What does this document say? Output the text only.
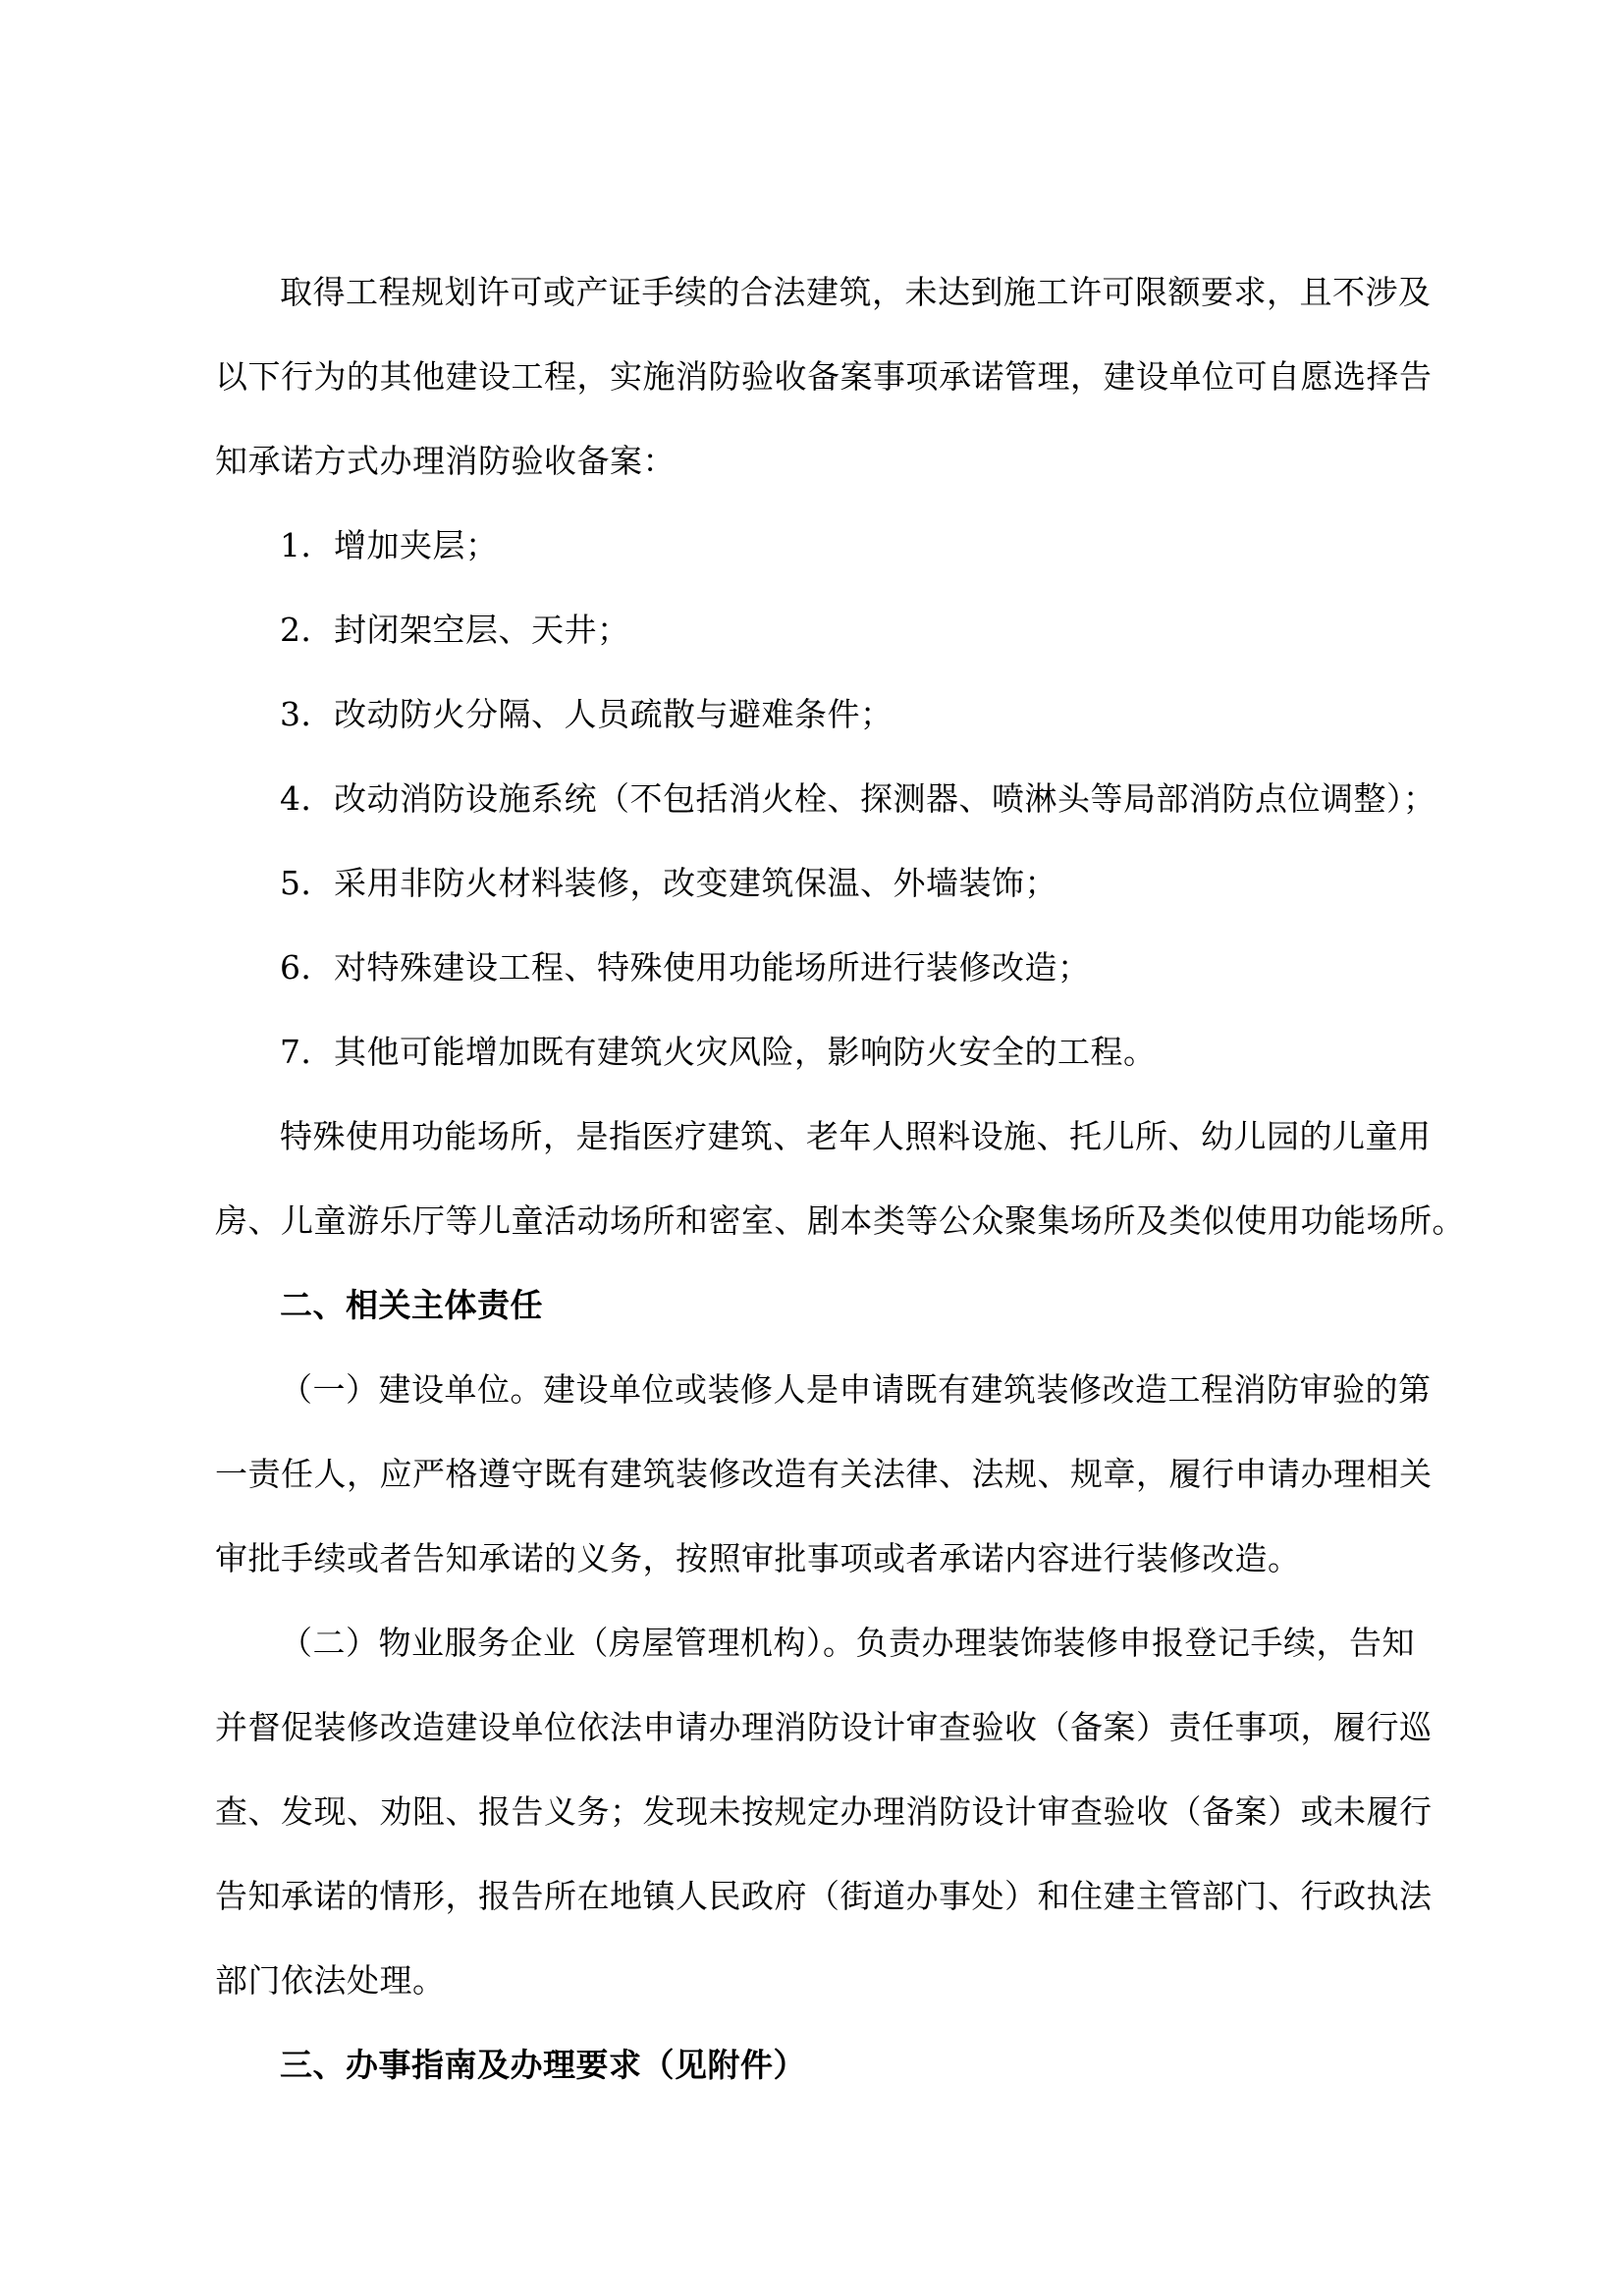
取得工程规划许可或产证手续的合法建筑，未达到施工许可限额要求，且不涉及
以下行为的其他建设工程，实施消防验收备案事项承诺管理，建设单位可自愿选择告
知承诺方式办理消防验收备案：
1．增加夹层；
2．封闭架空层、天井；
3．改动防火分隔、人员疏散与避难条件；
4．改动消防设施系统（不包括消火栓、探测器、喷淋头等局部消防点位调整）；
5．采用非防火材料装修，改变建筑保温、外墙装饰；
6．对特殊建设工程、特殊使用功能场所进行装修改造；
7．其他可能增加既有建筑火灾风险，影响防火安全的工程。
特殊使用功能场所，是指医疗建筑、老年人照料设施、托儿所、幼儿园的儿童用
房、儿童游乐厅等儿童活动场所和密室、剧本类等公众聚集场所及类似使用功能场所。
二、相关主体责任
（一）建设单位。建设单位或装修人是申请既有建筑装修改造工程消防审验的第
一责任人，应严格遵守既有建筑装修改造有关法律、法规、规章，履行申请办理相关
审批手续或者告知承诺的义务，按照审批事项或者承诺内容进行装修改造。
（二）物业服务企业（房屋管理机构）。负责办理装饰装修申报登记手续，告知
并督促装修改造建设单位依法申请办理消防设计审查验收（备案）责任事项，履行巡
查、发现、劝阻、报告义务；发现未按规定办理消防设计审查验收（备案）或未履行
告知承诺的情形，报告所在地镇人民政府（街道办事处）和住建主管部门、行政执法
部门依法处理。
三、办事指南及办理要求（见附件）
